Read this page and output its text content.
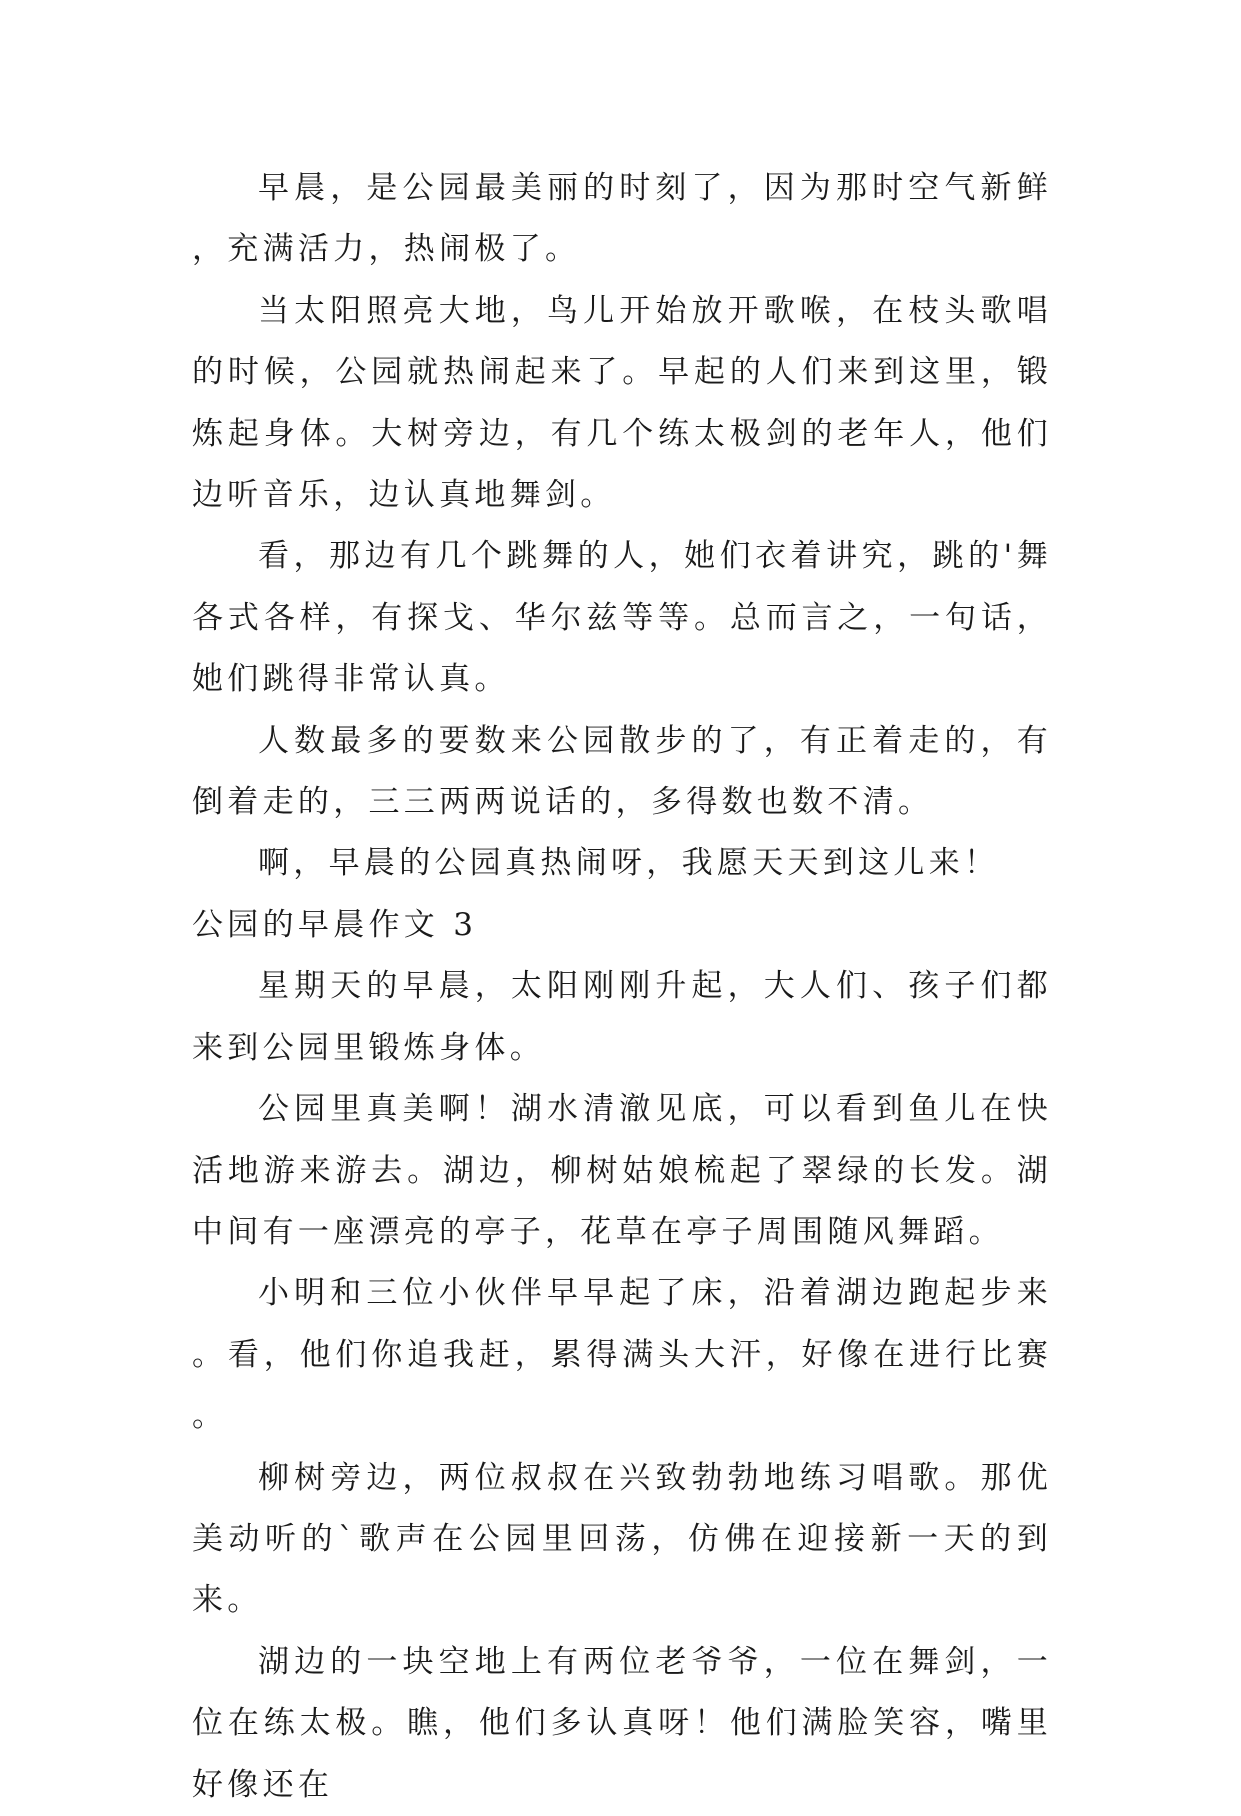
早晨，是公园最美丽的时刻了，因为那时空气新鲜，充满活力，热闹极了。

当太阳照亮大地，鸟儿开始放开歌喉，在枝头歌唱的时候，公园就热闹起来了。早起的人们来到这里，锻炼起身体。大树旁边，有几个练太极剑的老年人，他们边听音乐，边认真地舞剑。

看，那边有几个跳舞的人，她们衣着讲究，跳的'舞各式各样，有探戈、华尔兹等等。总而言之，一句话，她们跳得非常认真。

人数最多的要数来公园散步的了，有正着走的，有倒着走的，三三两两说话的，多得数也数不清。

啊，早晨的公园真热闹呀，我愿天天到这儿来！

公园的早晨作文 3

星期天的早晨，太阳刚刚升起，大人们、孩子们都来到公园里锻炼身体。

公园里真美啊！湖水清澈见底，可以看到鱼儿在快活地游来游去。湖边，柳树姑娘梳起了翠绿的长发。湖中间有一座漂亮的亭子，花草在亭子周围随风舞蹈。

小明和三位小伙伴早早起了床，沿着湖边跑起步来。看，他们你追我赶，累得满头大汗，好像在进行比赛。

柳树旁边，两位叔叔在兴致勃勃地练习唱歌。那优美动听的`歌声在公园里回荡，仿佛在迎接新一天的到来。

湖边的一块空地上有两位老爷爷，一位在舞剑，一位在练太极。瞧，他们多认真呀！他们满脸笑容，嘴里好像还在
